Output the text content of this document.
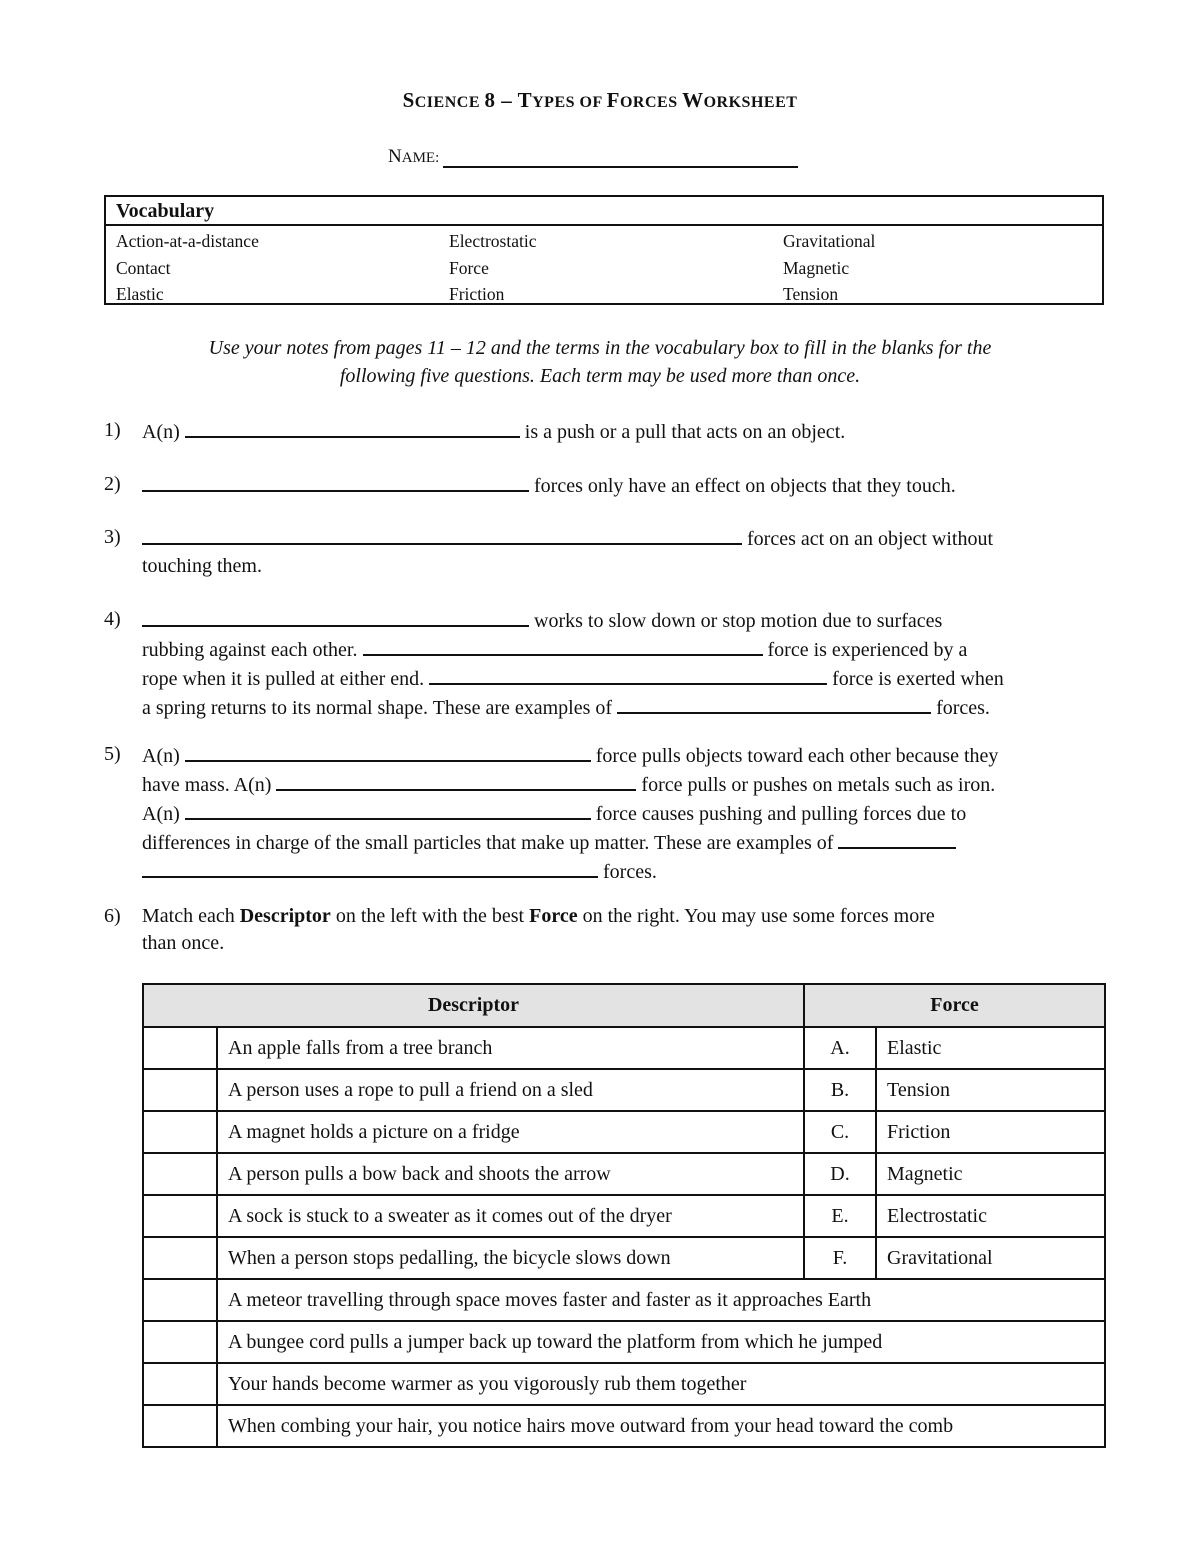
SCIENCE 8 – TYPES OF FORCES WORKSHEET
NAME:
Vocabulary
Action-at-a-distance	Electrostatic	Gravitational
Contact	Force	Magnetic
Elastic	Friction	Tension
Use your notes from pages 11 – 12 and the terms in the vocabulary box to fill in the blanks for the
following five questions. Each term may be used more than once.
1)	A(n)	is a push or a pull that acts on an object.
2)	forces only have an effect on objects that they touch.
3)	forces act on an object without
touching them.
4)	works to slow down or stop motion due to surfaces
rubbing against each other.	force is experienced by a
rope when it is pulled at either end.	force is exerted when
a spring returns to its normal shape. These are examples of	forces.
5)	A(n)	force pulls objects toward each other because they
have mass. A(n)	force pulls or pushes on metals such as iron.
A(n)	force causes pushing and pulling forces due to
differences in charge of the small particles that make up matter. These are examples of
forces.
6)	Match each Descriptor on the left with the best Force on the right. You may use some forces more
than once.
Descriptor		Force	
	An apple falls from a tree branch	A.	Elastic
	A person uses a rope to pull a friend on a sled	B.	Tension
	A magnet holds a picture on a fridge	C.	Friction
	A person pulls a bow back and shoots the arrow	D.	Magnetic
	A sock is stuck to a sweater as it comes out of the dryer	E.	Electrostatic
	When a person stops pedalling, the bicycle slows down	F.	Gravitational
	A meteor travelling through space moves faster and faster as it approaches Earth		
	A bungee cord pulls a jumper back up toward the platform from which he jumped		
	Your hands become warmer as you vigorously rub them together		
	When combing your hair, you notice hairs move outward from your head toward the comb		
